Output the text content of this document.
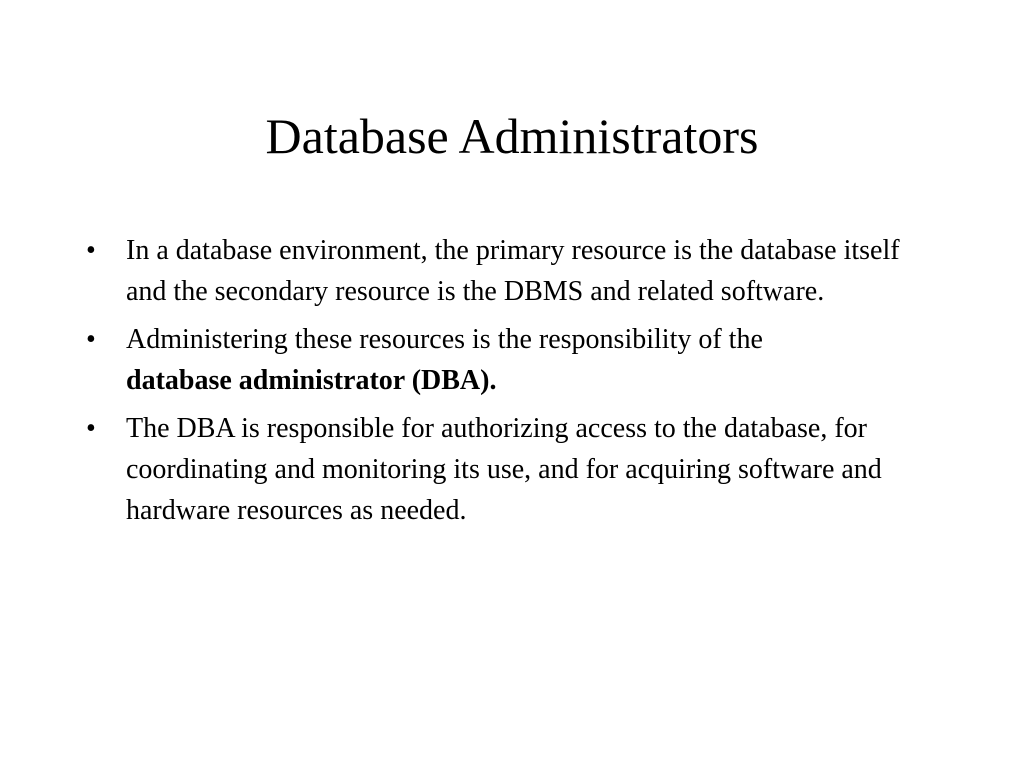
Database Administrators
•	In a database environment, the primary resource is the database itself and the secondary resource is the DBMS and related software.
•	Administering these resources is the responsibility of the
database administrator (DBA).
•	The DBA is responsible for authorizing access to the database, for coordinating and monitoring its use, and for acquiring software and hardware resources as needed.
